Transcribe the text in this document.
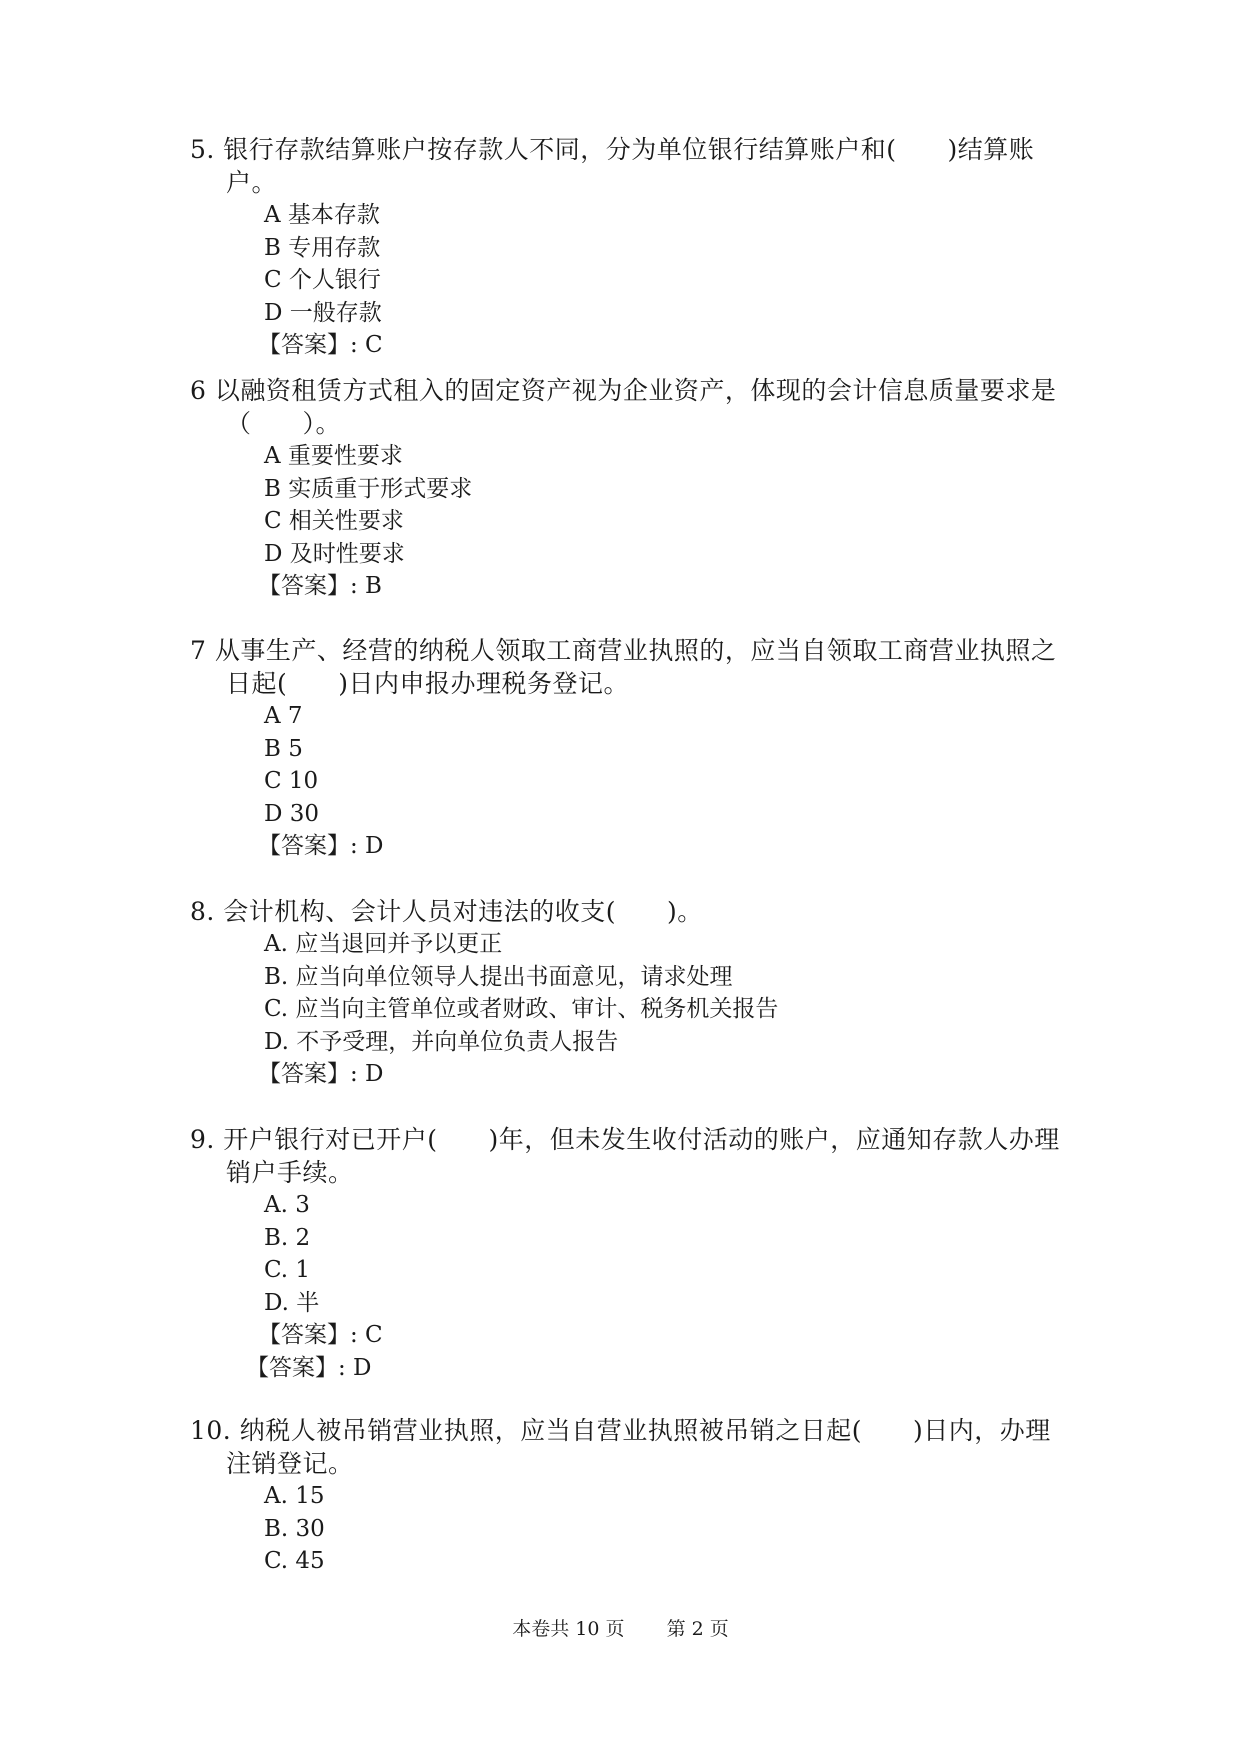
5. 银行存款结算账户按存款人不同，分为单位银行结算账户和(　　)结算账户。

A 基本存款

B 专用存款

C 个人银行

D 一般存款

【答案】: C

6 以融资租赁方式租入的固定资产视为企业资产，体现的会计信息质量要求是（　　）。

A 重要性要求

B 实质重于形式要求

C 相关性要求

D 及时性要求

【答案】: B

7 从事生产、经营的纳税人领取工商营业执照的，应当自领取工商营业执照之日起(　　)日内申报办理税务登记。

A 7

B 5

C 10

D 30

【答案】: D

8. 会计机构、会计人员对违法的收支(　　)。

A. 应当退回并予以更正

B. 应当向单位领导人提出书面意见，请求处理

C. 应当向主管单位或者财政、审计、税务机关报告

D. 不予受理，并向单位负责人报告

【答案】: D

9. 开户银行对已开户(　　)年，但未发生收付活动的账户，应通知存款人办理销户手续。

A. 3

B. 2

C. 1

D. 半

【答案】: C

【答案】: D

10. 纳税人被吊销营业执照，应当自营业执照被吊销之日起(　　)日内，办理注销登记。

A. 15

B. 30

C. 45

本卷共 10 页 第 2 页
